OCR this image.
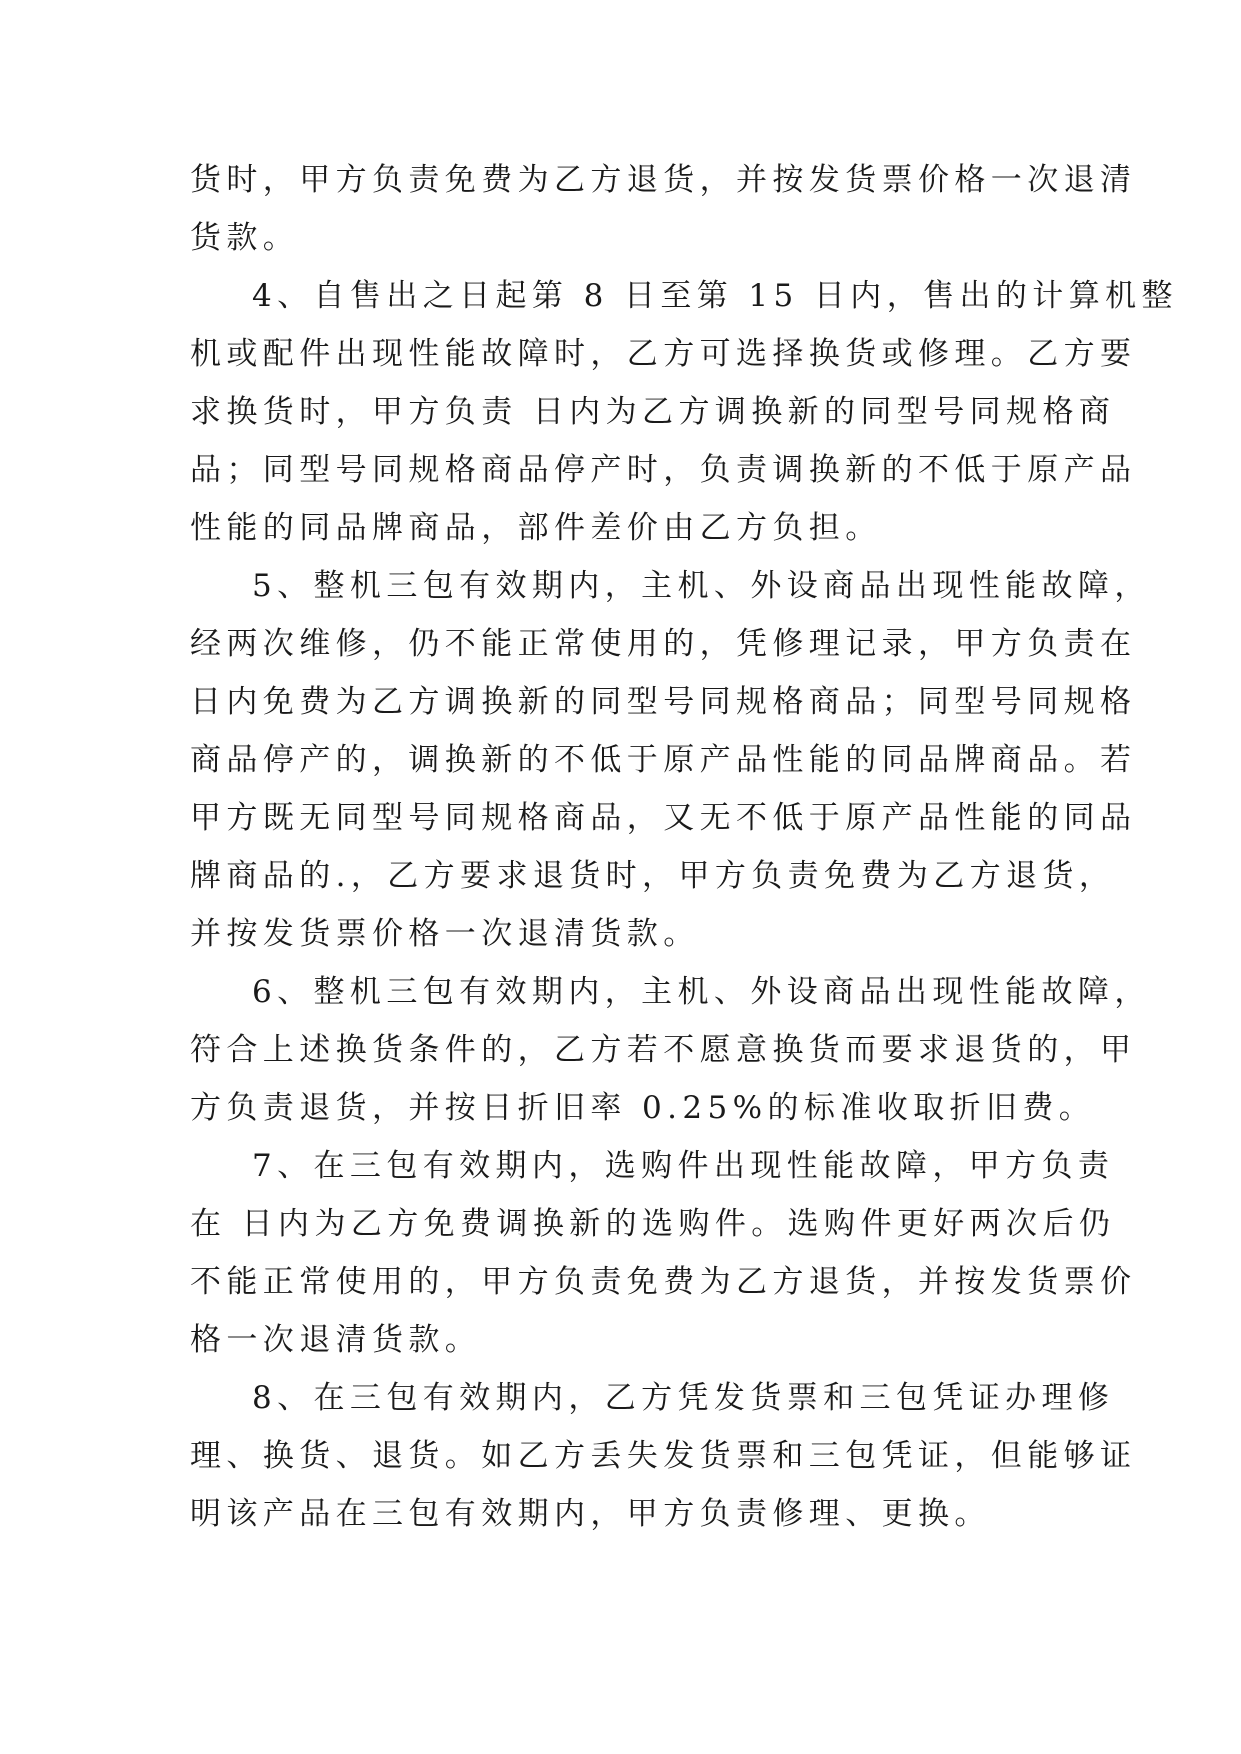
货时，甲方负责免费为乙方退货，并按发货票价格一次退清
货款。
4、自售出之日起第 8 日至第 15 日内，售出的计算机整
机或配件出现性能故障时，乙方可选择换货或修理。乙方要
求换货时，甲方负责 日内为乙方调换新的同型号同规格商
品；同型号同规格商品停产时，负责调换新的不低于原产品
性能的同品牌商品，部件差价由乙方负担。
5、整机三包有效期内，主机、外设商品出现性能故障，
经两次维修，仍不能正常使用的，凭修理记录，甲方负责在
日内免费为乙方调换新的同型号同规格商品；同型号同规格
商品停产的，调换新的不低于原产品性能的同品牌商品。若
甲方既无同型号同规格商品，又无不低于原产品性能的同品
牌商品的.，乙方要求退货时，甲方负责免费为乙方退货，
并按发货票价格一次退清货款。
6、整机三包有效期内，主机、外设商品出现性能故障，
符合上述换货条件的，乙方若不愿意换货而要求退货的，甲
方负责退货，并按日折旧率 0.25%的标准收取折旧费。
7、在三包有效期内，选购件出现性能故障，甲方负责
在 日内为乙方免费调换新的选购件。选购件更好两次后仍
不能正常使用的，甲方负责免费为乙方退货，并按发货票价
格一次退清货款。
8、在三包有效期内，乙方凭发货票和三包凭证办理修
理、换货、退货。如乙方丢失发货票和三包凭证，但能够证
明该产品在三包有效期内，甲方负责修理、更换。
